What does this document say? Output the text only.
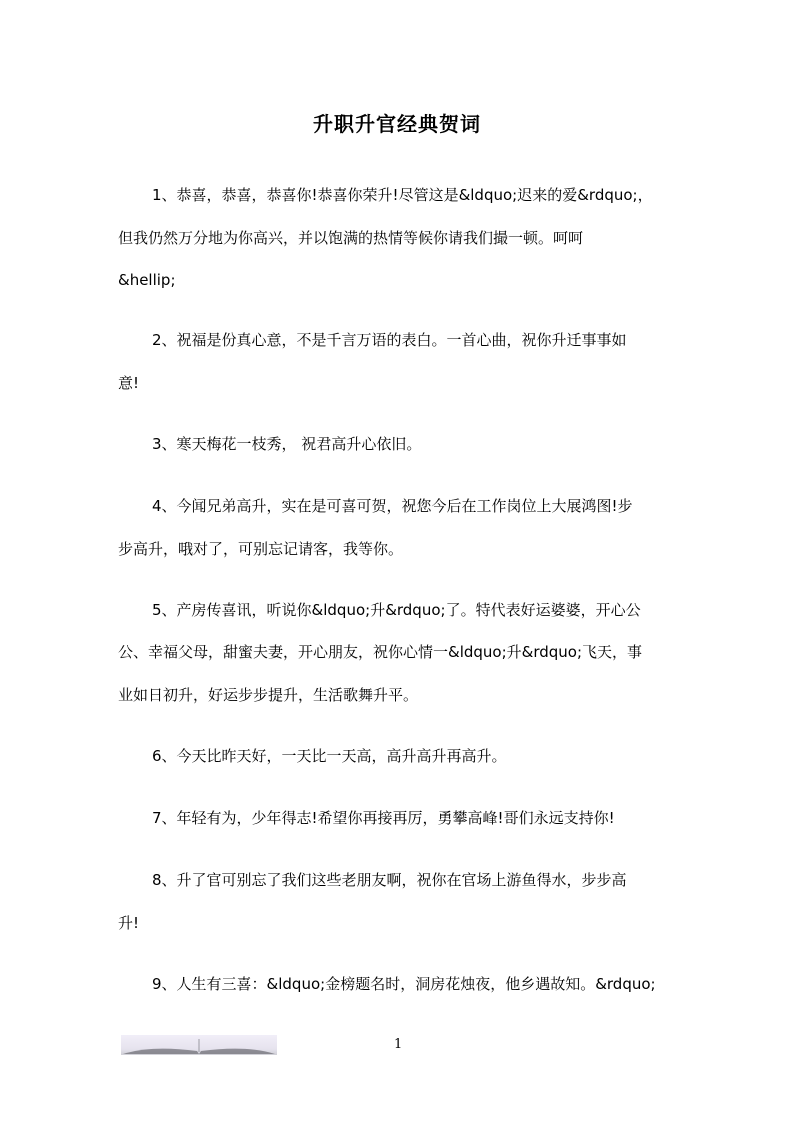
升职升官经典贺词
1、恭喜，恭喜，恭喜你!恭喜你荣升!尽管这是&ldquo;迟来的爱&rdquo;，
但我仍然万分地为你高兴，并以饱满的热情等候你请我们撮一顿。呵呵
&hellip;
2、祝福是份真心意，不是千言万语的表白。一首心曲，祝你升迁事事如
意!
3、寒天梅花一枝秀， 祝君高升心依旧。
4、今闻兄弟高升，实在是可喜可贺，祝您今后在工作岗位上大展鸿图!步
步高升，哦对了，可别忘记请客，我等你。
5、产房传喜讯，听说你&ldquo;升&rdquo;了。特代表好运婆婆，开心公
公、幸福父母，甜蜜夫妻，开心朋友，祝你心情一&ldquo;升&rdquo;飞天，事
业如日初升，好运步步提升，生活歌舞升平。
6、今天比昨天好，一天比一天高，高升高升再高升。
7、年轻有为，少年得志!希望你再接再厉，勇攀高峰!哥们永远支持你!
8、升了官可别忘了我们这些老朋友啊，祝你在官场上游鱼得水，步步高
升!
9、人生有三喜：&ldquo;金榜题名时，洞房花烛夜，他乡遇故知。&rdquo;
1
